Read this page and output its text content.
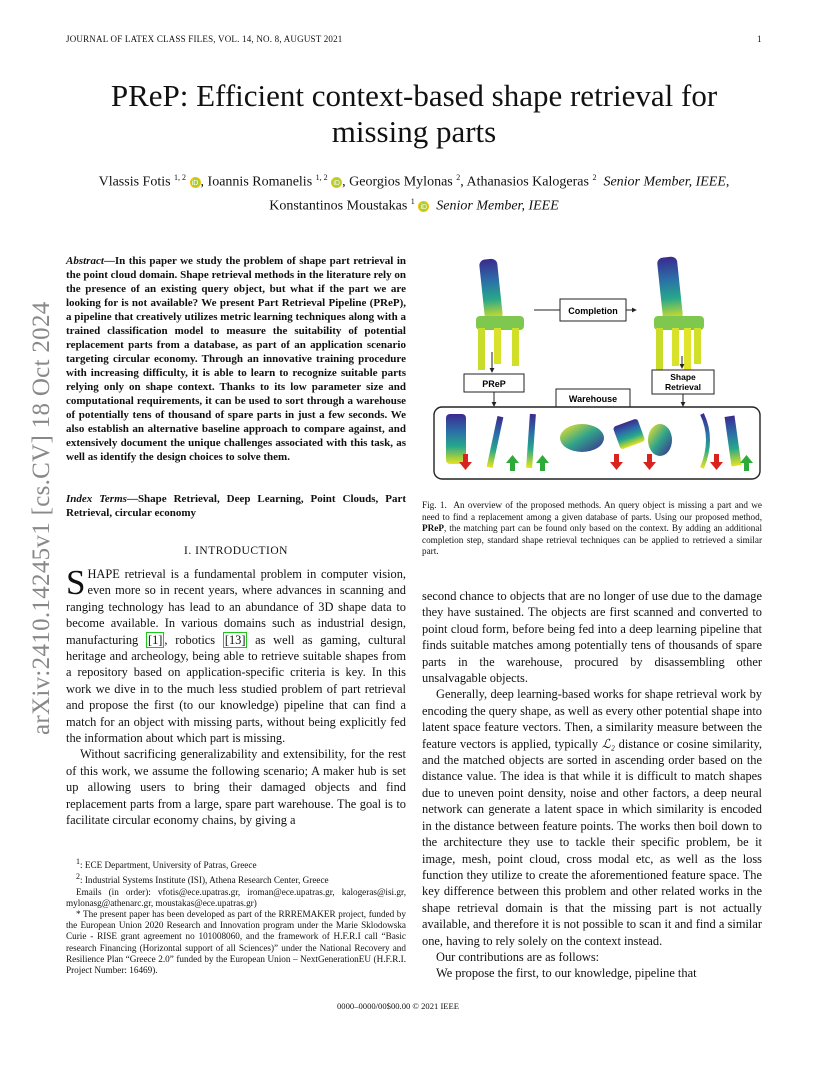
JOURNAL OF LATEX CLASS FILES, VOL. 14, NO. 8, AUGUST 2021	1
arXiv:2410.14245v1 [cs.CV] 18 Oct 2024
PReP: Efficient context-based shape retrieval for missing parts
Vlassis Fotis $^{1, 2}$ iD , Ioannis Romanelis $^{1, 2}$ iD , Georgios Mylonas $^2$, Athanasios Kalogeras $^2$ Senior Member, IEEE, Konstantinos Moustakas $^1$ iD Senior Member, IEEE
Abstract—In this paper we study the problem of shape part retrieval in the point cloud domain. Shape retrieval methods in the literature rely on the presence of an existing query object, but what if the part we are looking for is not available? We present Part Retrieval Pipeline (PReP), a pipeline that creatively utilizes metric learning techniques along with a trained classification model to measure the suitability of potential replacement parts from a database, as part of an application scenario targeting circular economy. Through an innovative training procedure with increasing difficulty, it is able to learn to recognize suitable parts relying only on shape context. Thanks to its low parameter size and computational requirements, it can be used to sort through a warehouse of potentially tens of thousand of spare parts in just a few seconds. We also establish an alternative baseline approach to compare against, and extensively document the unique challenges associated with this task, as well as identify the design choices to solve them.
Index Terms—Shape Retrieval, Deep Learning, Point Clouds, Part Retrieval, circular economy
I. INTRODUCTION

SHAPE retrieval is a fundamental problem in computer vision, even more so in recent years, where advances in scanning and ranging technology has lead to an abundance of 3D shape data to become available. In various domains such as industrial design, manufacturing [1] , robotics [13] as well as gaming, cultural heritage and archeology, being able to retrieve suitable shapes from a repository based on application-specific criteria is key. In this work we dive in to the much less studied problem of part retrieval and propose the first (to our knowledge) pipeline that can find a match for an object with missing parts, without being explicitly fed the information about which part is missing.

Without sacrificing generalizability and extensibility, for the rest of this work, we assume the following scenario; A maker hub is set up allowing users to bring their damaged objects and find replacement parts from a large, spare part warehouse. The goal is to facilitate circular economy chains, by giving a

$^1$: ECE Department, University of Patras, Greece

$^2$: Industrial Systems Institute (ISI), Athena Research Center, Greece

Emails (in order): vfotis@ece.upatras.gr, iroman@ece.upatras.gr, kalogeras@isi.gr, mylonasg@athenarc.gr, moustakas@ece.upatras.gr)

* The present paper has been developed as part of the RRREMAKER project, funded by the European Union 2020 Research and Innovation program under the Marie Sklodowska Curie - RISE grant agreement no 101008060, and the framework of H.F.R.I call “Basic research Financing (Horizontal support of all Sciences)” under the National Recovery and Resilience Plan “Greece 2.0” funded by the European Union – NextGenerationEU (H.F.R.I. Project Number: 16469).

Completion
PReP
Shape
Retrieval
Warehouse
Fig. 1. An overview of the proposed methods. An query object is missing a part and we need to find a replacement among a given database of parts. Using our proposed method, PReP, the matching part can be found only based on the context. By adding an additional completion step, standard shape retrieval techniques can be applied to retrieved a similar part.

second chance to objects that are no longer of use due to the damage they have sustained. The objects are first scanned and converted to point cloud form, before being fed into a deep learning pipeline that finds suitable matches among potentially tens of thousands of spare parts in the warehouse, procured by disassembling other unsalvagable objects.

Generally, deep learning-based works for shape retrieval work by encoding the query shape, as well as every other potential shape into latent space feature vectors. Then, a similarity measure between the feature vectors is applied, typically ℒ₂ distance or cosine similarity, and the matched objects are sorted in ascending order based on the distance value. The idea is that while it is difficult to match shapes due to uneven point density, noise and other factors, a deep neural network can generate a latent space in which similarity is encoded in the distance between feature points. The works then boil down to the architecture they use to tackle their specific problem, be it image, mesh, point cloud, cross modal etc, as well as the loss function they utilize to create the aforementioned feature space. The key difference between this problem and other related works in the shape retrieval domain is that the missing part is not actually available, and therefore it is not possible to scan it and find a similar one, having to rely solely on the context instead.

Our contributions are as follows:

We propose the first, to our knowledge, pipeline that

0000–0000/00$00.00 © 2021 IEEE
